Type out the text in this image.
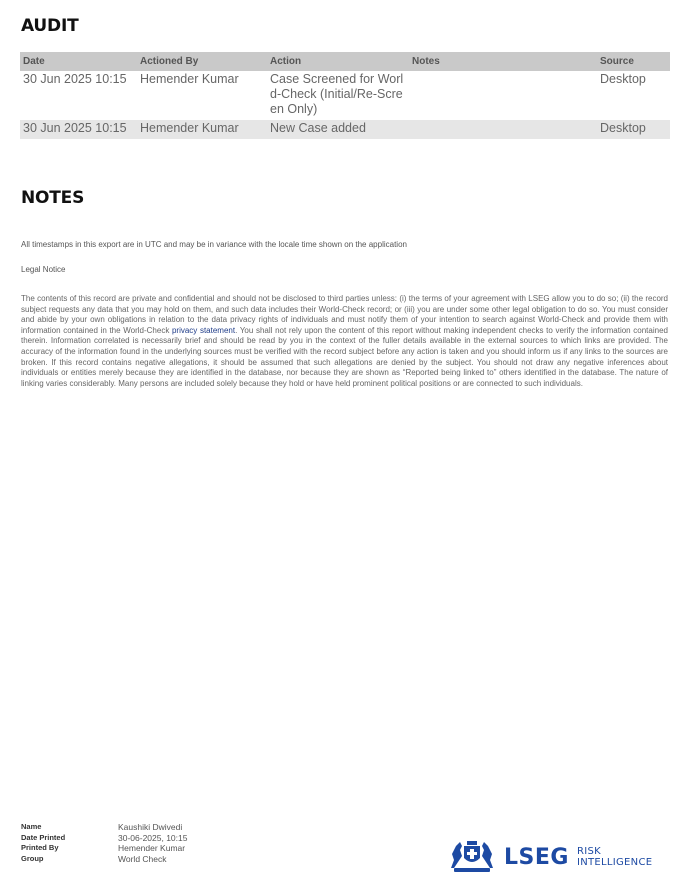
AUDIT
Date	Actioned By	Action	Notes	Source
30 Jun 2025 10:15	Hemender Kumar	Case Screened for World-Check (Initial/Re-Screen Only)		Desktop
30 Jun 2025 10:15	Hemender Kumar	New Case added		Desktop
NOTES
All timestamps in this export are in UTC and may be in variance with the locale time shown on the application
Legal Notice
The contents of this record are private and confidential and should not be disclosed to third parties unless: (i) the terms of your agreement with LSEG allow you to do so; (ii) the record subject requests any data that you may hold on them, and such data includes their World-Check record; or (iii) you are under some other legal obligation to do so. You must consider and abide by your own obligations in relation to the data privacy rights of individuals and must notify them of your intention to search against World-Check and provide them with information contained in the World-Check privacy statement. You shall not rely upon the content of this report without making independent checks to verify the information contained therein. Information correlated is necessarily brief and should be read by you in the context of the fuller details available in the external sources to which links are provided. The accuracy of the information found in the underlying sources must be verified with the record subject before any action is taken and you should inform us if any links to the sources are broken. If this record contains negative allegations, it should be assumed that such allegations are denied by the subject. You should not draw any negative inferences about individuals or entities merely because they are identified in the database, nor because they are shown as “Reported being linked to” others identified in the database. The nature of linking varies considerably. Many persons are included solely because they hold or have held prominent political positions or are connected to such individuals.
Name	Kaushiki Dwivedi
Date Printed	30-06-2025, 10:15
Printed By	Hemender Kumar
Group	World Check	LSEG RISK
INTELLIGENCE
